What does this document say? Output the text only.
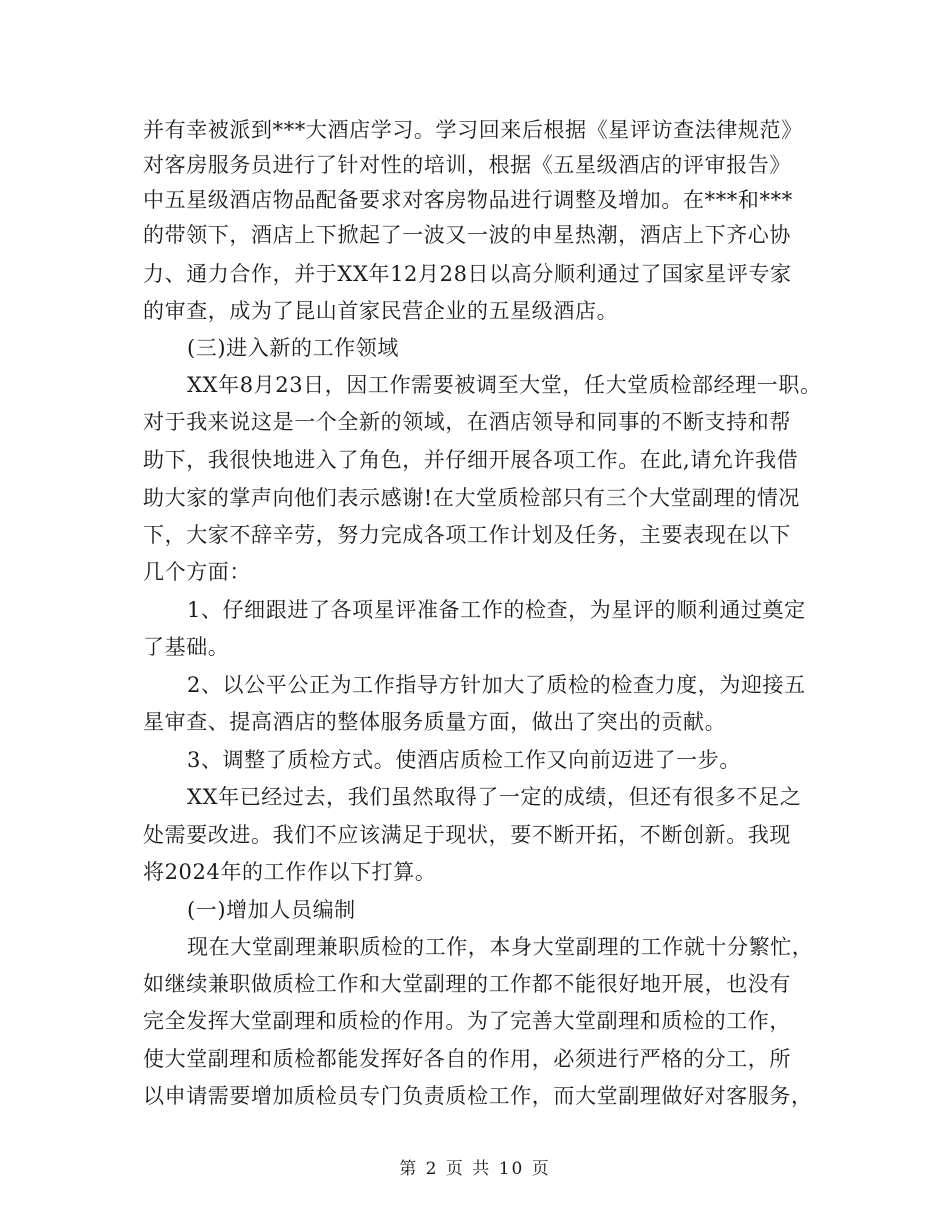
并有幸被派到***大酒店学习。学习回来后根据《星评访查法律规范》
对客房服务员进行了针对性的培训，根据《五星级酒店的评审报告》
中五星级酒店物品配备要求对客房物品进行调整及增加。在***和***
的带领下，酒店上下掀起了一波又一波的申星热潮，酒店上下齐心协
力、通力合作，并于XX年12月28日以高分顺利通过了国家星评专家
的审查，成为了昆山首家民营企业的五星级酒店。
(三)进入新的工作领域
XX年8月23日，因工作需要被调至大堂，任大堂质检部经理一职。
对于我来说这是一个全新的领域，在酒店领导和同事的不断支持和帮
助下，我很快地进入了角色，并仔细开展各项工作。在此,请允许我借
助大家的掌声向他们表示感谢!在大堂质检部只有三个大堂副理的情况
下，大家不辞辛劳，努力完成各项工作计划及任务，主要表现在以下
几个方面：
1、仔细跟进了各项星评准备工作的检查，为星评的顺利通过奠定
了基础。
2、以公平公正为工作指导方针加大了质检的检查力度，为迎接五
星审查、提高酒店的整体服务质量方面，做出了突出的贡献。
3、调整了质检方式。使酒店质检工作又向前迈进了一步。
XX年已经过去，我们虽然取得了一定的成绩，但还有很多不足之
处需要改进。我们不应该满足于现状，要不断开拓，不断创新。我现
将2024年的工作作以下打算。
(一)增加人员编制
现在大堂副理兼职质检的工作，本身大堂副理的工作就十分繁忙，
如继续兼职做质检工作和大堂副理的工作都不能很好地开展，也没有
完全发挥大堂副理和质检的作用。为了完善大堂副理和质检的工作，
使大堂副理和质检都能发挥好各自的作用，必须进行严格的分工，所
以申请需要增加质检员专门负责质检工作，而大堂副理做好对客服务，
第 2 页 共 10 页
